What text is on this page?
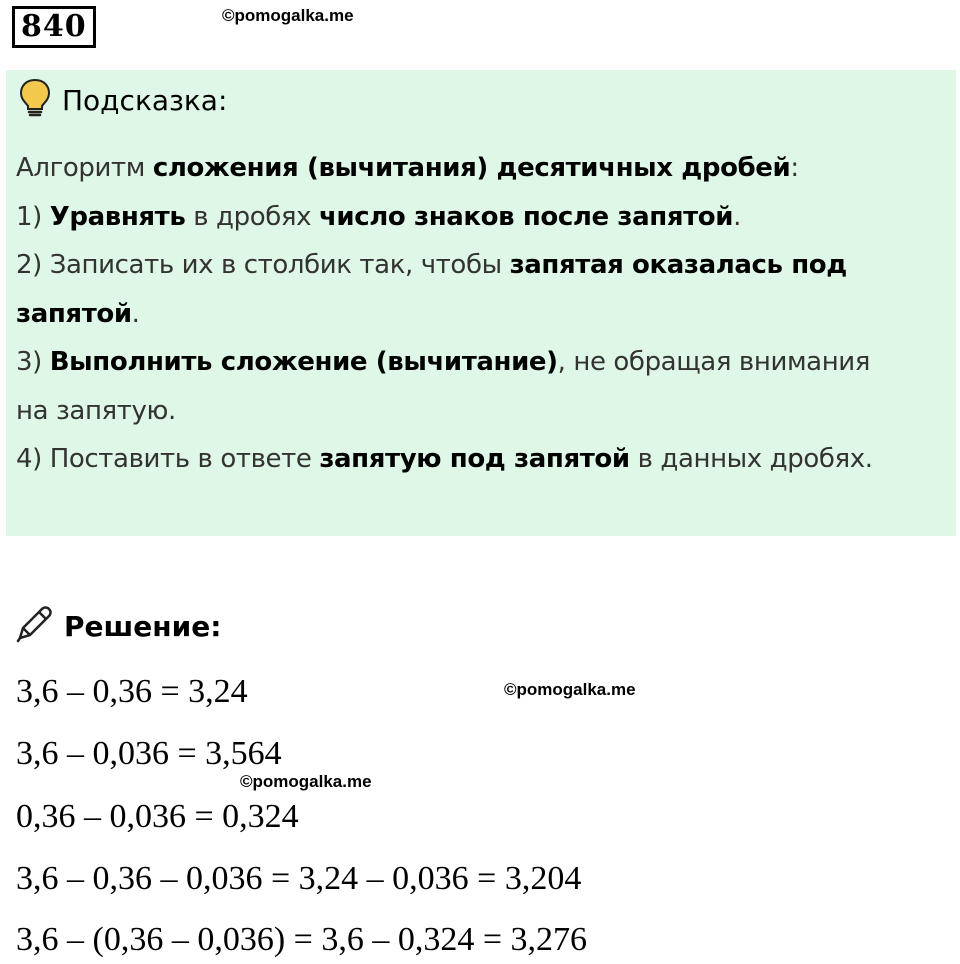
840	©pomogalka.me
Подсказка:
Алгоритм сложения (вычитания) десятичных дробей:
1) Уравнять в дробях число знаков после запятой.
2) Записать их в столбик так, чтобы запятая оказалась под
запятой.
3) Выполнить сложение (вычитание), не обращая внимания
на запятую.
4) Поставить в ответе запятую под запятой в данных дробях.
Решение:
3,6 – 0,36 = 3,24
3,6 – 0,036 = 3,564
0,36 – 0,036 = 0,324
3,6 – 0,36 – 0,036 = 3,24 – 0,036 = 3,204
3,6 – (0,36 – 0,036) = 3,6 – 0,324 = 3,276
©pomogalka.me
©pomogalka.me
